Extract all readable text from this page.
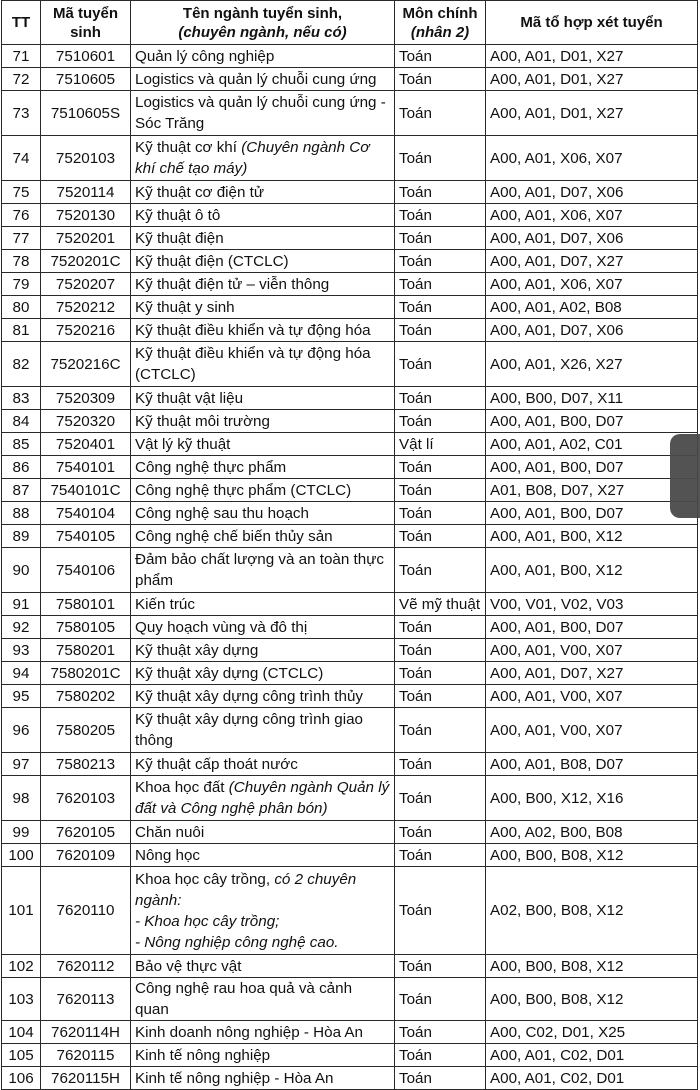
TT	Mã tuyển sinh	Tên ngành tuyển sinh,
(chuyên ngành, nếu có)	Môn chính
(nhân 2)	Mã tổ hợp xét tuyển
71	7510601	Quản lý công nghiệp	Toán	A00, A01, D01, X27
72	7510605	Logistics và quản lý chuỗi cung ứng	Toán	A00, A01, D01, X27
73	7510605S	Logistics và quản lý chuỗi cung ứng -
Sóc Trăng	Toán	A00, A01, D01, X27
74	7520103	Kỹ thuật cơ khí (Chuyên ngành Cơ
khí chế tạo máy)	Toán	A00, A01, X06, X07
75	7520114	Kỹ thuật cơ điện tử	Toán	A00, A01, D07, X06
76	7520130	Kỹ thuật ô tô	Toán	A00, A01, X06, X07
77	7520201	Kỹ thuật điện	Toán	A00, A01, D07, X06
78	7520201C	Kỹ thuật điện (CTCLC)	Toán	A00, A01, D07, X27
79	7520207	Kỹ thuật điện tử – viễn thông	Toán	A00, A01, X06, X07
80	7520212	Kỹ thuật y sinh	Toán	A00, A01, A02, B08
81	7520216	Kỹ thuật điều khiển và tự động hóa	Toán	A00, A01, D07, X06
82	7520216C	Kỹ thuật điều khiển và tự động hóa
(CTCLC)	Toán	A00, A01, X26, X27
83	7520309	Kỹ thuật vật liệu	Toán	A00, B00, D07, X11
84	7520320	Kỹ thuật môi trường	Toán	A00, A01, B00, D07
85	7520401	Vật lý kỹ thuật	Vật lí	A00, A01, A02, C01
86	7540101	Công nghệ thực phẩm	Toán	A00, A01, B00, D07
87	7540101C	Công nghệ thực phẩm (CTCLC)	Toán	A01, B08, D07, X27
88	7540104	Công nghệ sau thu hoạch	Toán	A00, A01, B00, D07
89	7540105	Công nghệ chế biến thủy sản	Toán	A00, A01, B00, X12
90	7540106	Đảm bảo chất lượng và an toàn thực
phẩm	Toán	A00, A01, B00, X12
91	7580101	Kiến trúc	Vẽ mỹ thuật	V00, V01, V02, V03
92	7580105	Quy hoạch vùng và đô thị	Toán	A00, A01, B00, D07
93	7580201	Kỹ thuật xây dựng	Toán	A00, A01, V00, X07
94	7580201C	Kỹ thuật xây dựng (CTCLC)	Toán	A00, A01, D07, X27
95	7580202	Kỹ thuật xây dựng công trình thủy	Toán	A00, A01, V00, X07
96	7580205	Kỹ thuật xây dựng công trình giao
thông	Toán	A00, A01, V00, X07
97	7580213	Kỹ thuật cấp thoát nước	Toán	A00, A01, B08, D07
98	7620103	Khoa học đất (Chuyên ngành Quản lý
đất và Công nghệ phân bón)	Toán	A00, B00, X12, X16
99	7620105	Chăn nuôi	Toán	A00, A02, B00, B08
100	7620109	Nông học	Toán	A00, B00, B08, X12
101	7620110	Khoa học cây trồng, có 2 chuyên
ngành:
- Khoa học cây trồng;
- Nông nghiệp công nghệ cao.	Toán	A02, B00, B08, X12
102	7620112	Bảo vệ thực vật	Toán	A00, B00, B08, X12
103	7620113	Công nghệ rau hoa quả và cảnh quan	Toán	A00, B00, B08, X12
104	7620114H	Kinh doanh nông nghiệp - Hòa An	Toán	A00, C02, D01, X25
105	7620115	Kinh tế nông nghiệp	Toán	A00, A01, C02, D01
106	7620115H	Kinh tế nông nghiệp - Hòa An	Toán	A00, A01, C02, D01
